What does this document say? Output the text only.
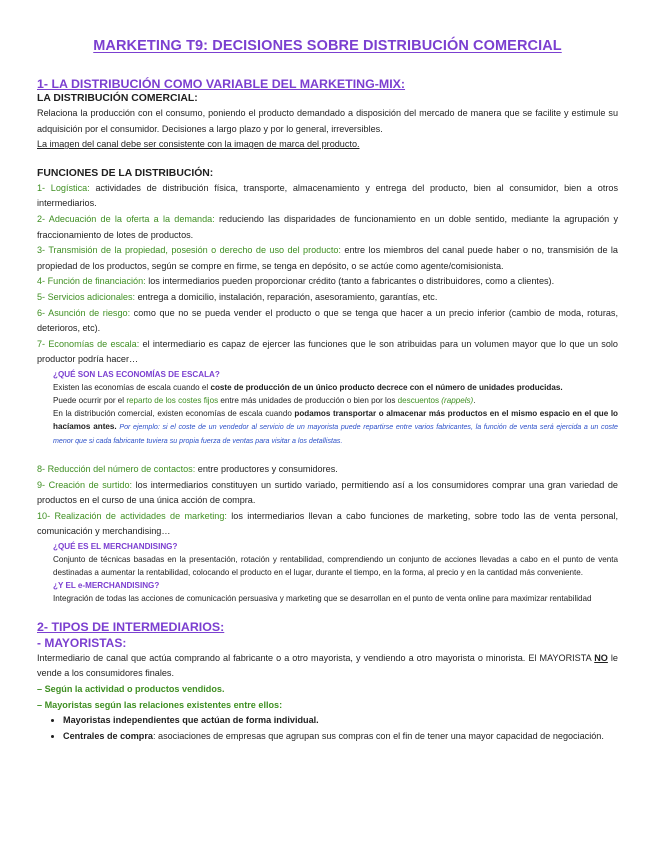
MARKETING T9: DECISIONES SOBRE DISTRIBUCIÓN COMERCIAL
1- LA DISTRIBUCIÓN COMO VARIABLE DEL MARKETING-MIX:
LA DISTRIBUCIÓN COMERCIAL:

Relaciona la producción con el consumo, poniendo el producto demandado a disposición del mercado de manera que se facilite y estimule su adquisición por el consumidor. Decisiones a largo plazo y por lo general, irreversibles.

La imagen del canal debe ser consistente con la imagen de marca del producto.

FUNCIONES DE LA DISTRIBUCIÓN:

1- Logística: actividades de distribución física, transporte, almacenamiento y entrega del producto, bien al consumidor, bien a otros intermediarios.

2- Adecuación de la oferta a la demanda: reduciendo las disparidades de funcionamiento en un doble sentido, mediante la agrupación y fraccionamiento de lotes de productos.

3- Transmisión de la propiedad, posesión o derecho de uso del producto: entre los miembros del canal puede haber o no, transmisión de la propiedad de los productos, según se compre en firme, se tenga en depósito, o se actúe como agente/comisionista.

4- Función de financiación: los intermediarios pueden proporcionar crédito (tanto a fabricantes o distribuidores, como a clientes).

5- Servicios adicionales: entrega a domicilio, instalación, reparación, asesoramiento, garantías, etc.

6- Asunción de riesgo: como que no se pueda vender el producto o que se tenga que hacer a un precio inferior (cambio de moda, roturas, deterioros, etc).

7- Economías de escala: el intermediario es capaz de ejercer las funciones que le son atribuidas para un volumen mayor que lo que un solo productor podría hacer…

¿QUÉ SON LAS ECONOMÍAS DE ESCALA?

Existen las economías de escala cuando el coste de producción de un único producto decrece con el número de unidades producidas.
Puede ocurrir por el reparto de los costes fijos entre más unidades de producción o bien por los descuentos (rappels).

En la distribución comercial, existen economías de escala cuando podamos transportar o almacenar más productos en el mismo espacio en el que lo hacíamos antes. Por ejemplo: si el coste de un vendedor al servicio de un mayorista puede repartirse entre varios fabricantes, la función de venta será ejercida a un coste menor que si cada fabricante tuviera su propia fuerza de ventas para visitar a los detallistas.

8- Reducción del número de contactos: entre productores y consumidores.

9- Creación de surtido: los intermediarios constituyen un surtido variado, permitiendo así a los consumidores comprar una gran variedad de productos en el curso de una única acción de compra.

10- Realización de actividades de marketing: los intermediarios llevan a cabo funciones de marketing, sobre todo las de venta personal, comunicación y merchandising…

¿QUÉ ES EL MERCHANDISING?

Conjunto de técnicas basadas en la presentación, rotación y rentabilidad, comprendiendo un conjunto de acciones llevadas a cabo en el punto de venta destinadas a aumentar la rentabilidad, colocando el producto en el lugar, durante el tiempo, en la forma, al precio y en la cantidad más conveniente.

¿Y EL e-MERCHANDISING?

Integración de todas las acciones de comunicación persuasiva y marketing que se desarrollan en el punto de venta online para maximizar rentabilidad

2- TIPOS DE INTERMEDIARIOS:
- MAYORISTAS:

Intermediario de canal que actúa comprando al fabricante o a otro mayorista, y vendiendo a otro mayorista o minorista. El MAYORISTA NO le vende a los consumidores finales.

– Según la actividad o productos vendidos.

– Mayoristas según las relaciones existentes entre ellos:

• Mayoristas independientes que actúan de forma individual.
• Centrales de compra: asociaciones de empresas que agrupan sus compras con el fin de tener una mayor capacidad de negociación.
